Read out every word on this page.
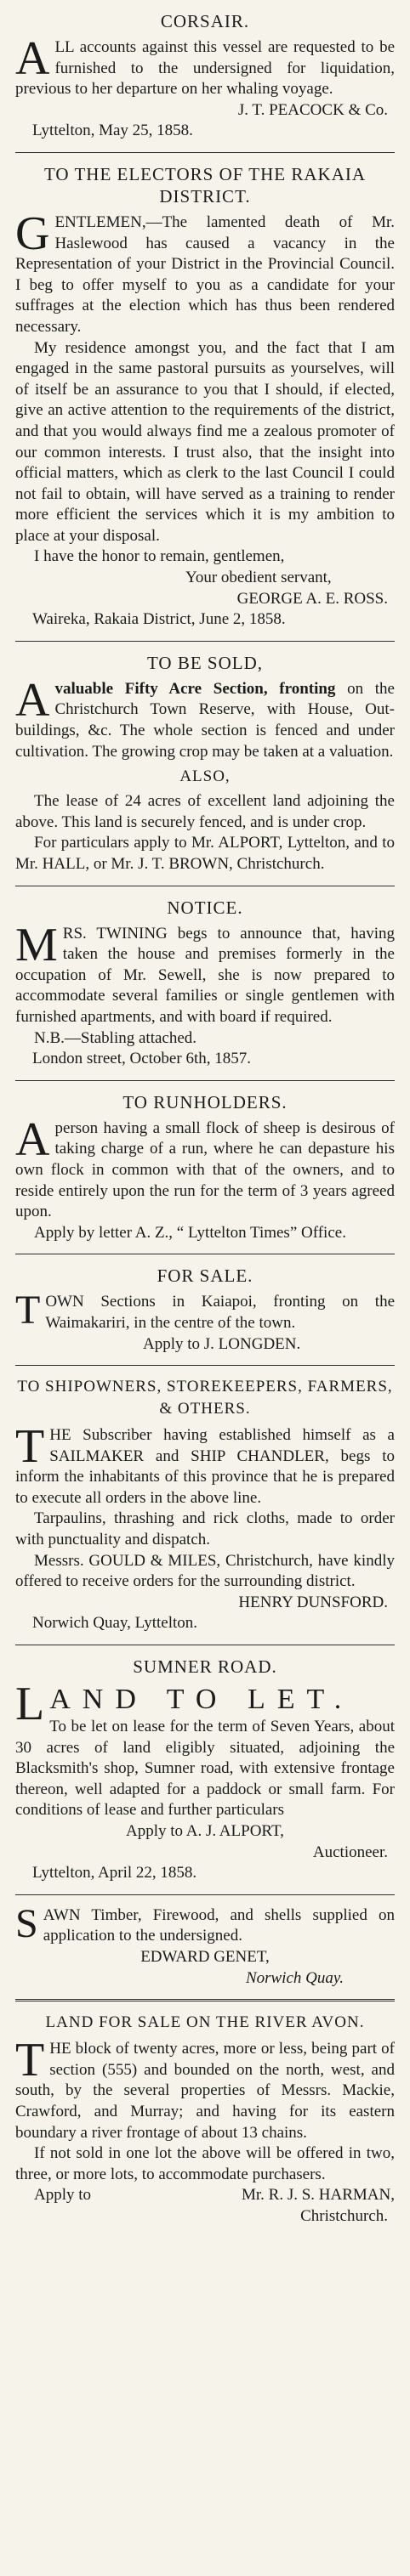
CORSAIR.
A LL accounts against this vessel are requested to be furnished to the undersigned for liquidation, previous to her departure on her whaling voyage.

J. T. PEACOCK & Co.
Lyttelton, May 25, 1858.
TO THE ELECTORS OF THE RAKAIA DISTRICT.
G ENTLEMEN,—The lamented death of Mr. Haslewood has caused a vacancy in the Representation of your District in the Provincial Council. I beg to offer myself to you as a candidate for your suffrages at the election which has thus been rendered necessary.

My residence amongst you, and the fact that I am engaged in the same pastoral pursuits as yourselves, will of itself be an assurance to you that I should, if elected, give an active attention to the requirements of the district, and that you would always find me a zealous promoter of our common interests. I trust also, that the insight into official matters, which as clerk to the last Council I could not fail to obtain, will have served as a training to render more efficient the services which it is my ambition to place at your disposal.

I have the honor to remain, gentlemen,

Your obedient servant,
GEORGE A. E. ROSS.
Waireka, Rakaia District, June 2, 1858.
TO BE SOLD,
A valuable Fifty Acre Section, fronting on the Christchurch Town Reserve, with House, Out-buildings, &c. The whole section is fenced and under cultivation. The growing crop may be taken at a valuation.

ALSO,

The lease of 24 acres of excellent land adjoining the above. This land is securely fenced, and is under crop.

For particulars apply to Mr. ALPORT, Lyttelton, and to Mr. HALL, or Mr. J. T. BROWN, Christchurch.

NOTICE.
M RS. TWINING begs to announce that, having taken the house and premises formerly in the occupation of Mr. Sewell, she is now prepared to accommodate several families or single gentlemen with furnished apartments, and with board if required.

N.B.—Stabling attached.

London street, October 6th, 1857.
TO RUNHOLDERS.
A person having a small flock of sheep is desirous of taking charge of a run, where he can depasture his own flock in common with that of the owners, and to reside entirely upon the run for the term of 3 years agreed upon.

Apply by letter A. Z., “ Lyttelton Times” Office.

FOR SALE.
T OWN Sections in Kaiapoi, fronting on the Waimakariri, in the centre of the town.

Apply to J. LONGDEN.
TO SHIPOWNERS, STOREKEEPERS, FARMERS, & OTHERS.
T HE Subscriber having established himself as a SAILMAKER and SHIP CHANDLER, begs to inform the inhabitants of this province that he is prepared to execute all orders in the above line.

Tarpaulins, thrashing and rick cloths, made to order with punctuality and dispatch.

Messrs. GOULD & MILES, Christchurch, have kindly offered to receive orders for the surrounding district.

HENRY DUNSFORD.
Norwich Quay, Lyttelton.
SUMNER ROAD.
L AND TO LET.

To be let on lease for the term of Seven Years, about 30 acres of land eligibly situated, adjoining the Blacksmith's shop, Sumner road, with extensive frontage thereon, well adapted for a paddock or small farm. For conditions of lease and further particulars

Apply to A. J. ALPORT,
Auctioneer.
Lyttelton, April 22, 1858.
S AWN Timber, Firewood, and shells supplied on application to the undersigned.

EDWARD GENET,
Norwich Quay.
LAND FOR SALE ON THE RIVER AVON.
T HE block of twenty acres, more or less, being part of section (555) and bounded on the north, west, and south, by the several properties of Messrs. Mackie, Crawford, and Murray; and having for its eastern boundary a river frontage of about 13 chains.

If not sold in one lot the above will be offered in two, three, or more lots, to accommodate purchasers.

Apply to	Mr. R. J. S. HARMAN,
Christchurch.
